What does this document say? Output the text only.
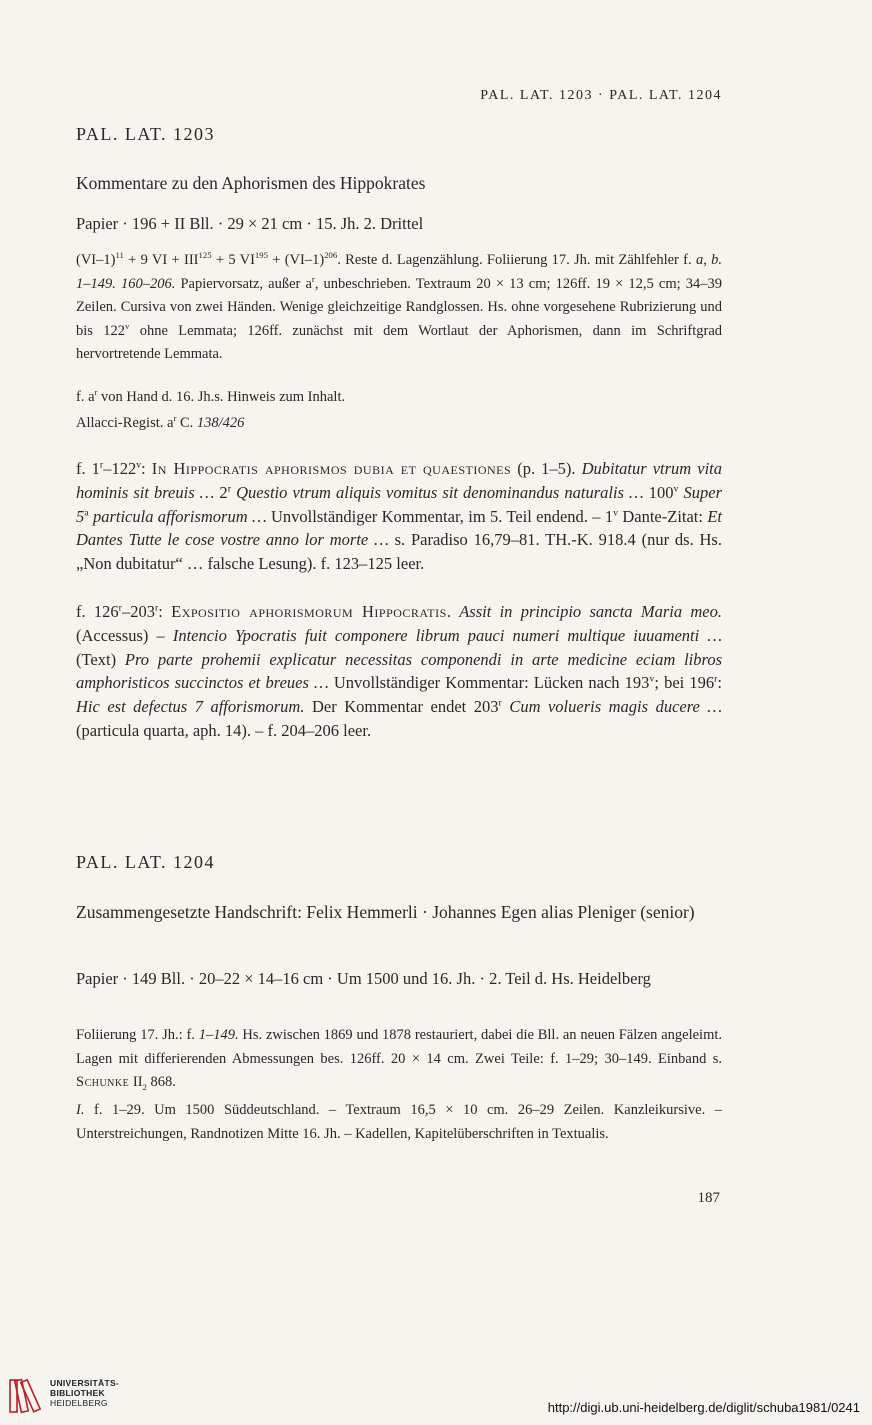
PAL. LAT. 1203 · PAL. LAT. 1204
PAL. LAT. 1203
Kommentare zu den Aphorismen des Hippokrates
Papier · 196 + II Bll. · 29 × 21 cm · 15. Jh. 2. Drittel

$(VI-1)^{11} + 9$ VI + $III^{125} + 5$ $VI^{195} + (VI-1)^{206}$. Reste d. Lagenzählung. Foliierung 17. Jh. mit Zählfehler f. a, b. 1–149. 160–206. Papiervorsatz, außer $a^r$, unbeschrieben. Textraum 20 × 13 cm; 126ff. 19 × 12,5 cm; 34–39 Zeilen. Cursiva von zwei Händen. Wenige gleichzeitige Randglossen. Hs. ohne vorgesehene Rubrizierung und bis 122$^v$ ohne Lemmata; 126ff. zunächst mit dem Wortlaut der Aphorismen, dann im Schriftgrad hervortretende Lemmata.

f. $a^r$ von Hand d. 16. Jh.s. Hinweis zum Inhalt.

Allacci-Regist. $a^r$ C. 138/426

f. 1$^r$–122$^v$: In Hippocratis aphorismos dubia et quaestiones (p. 1–5). Dubitatur vtrum vita hominis sit breuis … 2$^r$ Questio vtrum aliquis vomitus sit denominandus naturalis … 100$^v$ Super 5$^a$ particula afforismorum … Unvollständiger Kommentar, im 5. Teil endend. – 1$^v$ Dante-Zitat: Et Dantes Tutte le cose vostre anno lor morte … s. Paradiso 16,79–81. TH.-K. 918.4 (nur ds. Hs. „Non dubitatur“ … falsche Lesung). f. 123–125 leer.

f. 126$^r$–203$^r$: Expositio aphorismorum Hippocratis. Assit in principio sancta Maria meo. (Accessus) – Intencio Ypocratis fuit componere librum pauci numeri multique iuuamenti … (Text) Pro parte prohemii explicatur necessitas componendi in arte medicine eciam libros amphoristicos succinctos et breues … Unvollständiger Kommentar: Lücken nach 193$^v$; bei 196$^r$: Hic est defectus 7 afforismorum. Der Kommentar endet 203$^r$ Cum volueris magis ducere … (particula quarta, aph. 14). – f. 204–206 leer.

PAL. LAT. 1204
Zusammengesetzte Handschrift: Felix Hemmerli · Johannes Egen alias Pleniger (senior)
Papier · 149 Bll. · 20–22 × 14–16 cm · Um 1500 und 16. Jh. · 2. Teil d. Hs. Heidelberg

Foliierung 17. Jh.: f. 1–149. Hs. zwischen 1869 und 1878 restauriert, dabei die Bll. an neuen Fälzen angeleimt. Lagen mit differierenden Abmessungen bes. 126ff. 20 × 14 cm. Zwei Teile: f. 1–29; 30–149. Einband s. Schunke $II_2$ 868.

I. f. 1–29. Um 1500 Süddeutschland. – Textraum 16,5 × 10 cm. 26–29 Zeilen. Kanzleikursive. – Unterstreichungen, Randnotizen Mitte 16. Jh. – Kadellen, Kapitelüberschriften in Textualis.

187
UNIVERSITÄTS-
BIBLIOTHEK
HEIDELBERG	http://digi.ub.uni-heidelberg.de/diglit/schuba1981/0241
